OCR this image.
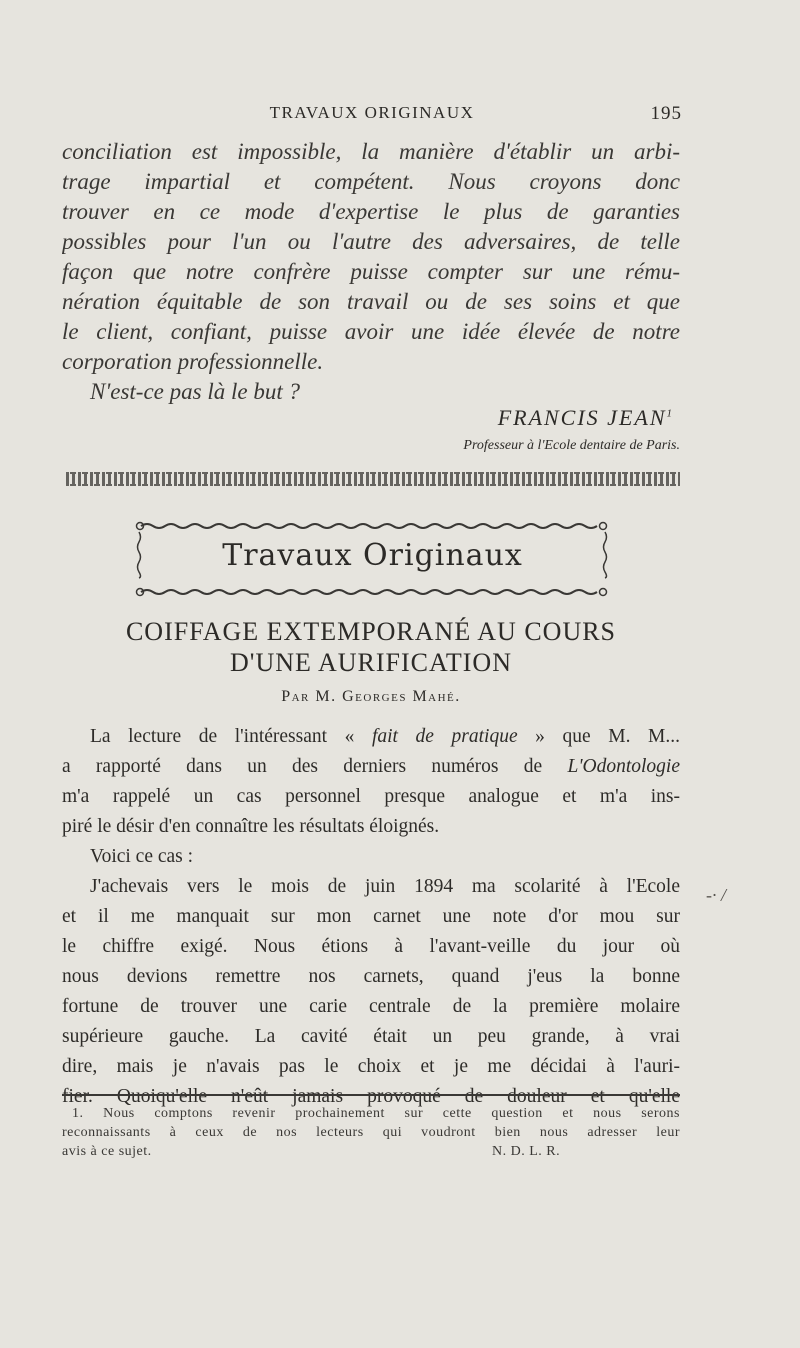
TRAVAUX ORIGINAUX	195
conciliation est impossible, la manière d'établir un arbi-
trage impartial et compétent. Nous croyons donc
trouver en ce mode d'expertise le plus de garanties
possibles pour l'un ou l'autre des adversaires, de telle
façon que notre confrère puisse compter sur une rému-
nération équitable de son travail ou de ses soins et que
le client, confiant, puisse avoir une idée élevée de notre
corporation professionnelle.
N'est-ce pas là le but ?
FRANCIS JEAN$^1$
Professeur à l'Ecole dentaire de Paris.
Travaux Originaux
COIFFAGE EXTEMPORANÉ AU COURS
D'UNE AURIFICATION
Par M. Georges Mahé.
La lecture de l'intéressant « fait de pratique » que M. M...
a rapporté dans un des derniers numéros de L'Odontologie
m'a rappelé un cas personnel presque analogue et m'a ins-
piré le désir d'en connaître les résultats éloignés.
Voici ce cas :
J'achevais vers le mois de juin 1894 ma scolarité à l'Ecole
et il me manquait sur mon carnet une note d'or mou sur
le chiffre exigé. Nous étions à l'avant-veille du jour où
nous devions remettre nos carnets, quand j'eus la bonne
fortune de trouver une carie centrale de la première molaire
supérieure gauche. La cavité était un peu grande, à vrai
dire, mais je n'avais pas le choix et je me décidai à l'auri-
fier. Quoiqu'elle n'eût jamais provoqué de douleur et qu'elle
-· /
1. Nous comptons revenir prochainement sur cette question et nous serons
reconnaissants à ceux de nos lecteurs qui voudront bien nous adresser leur
avis à ce sujet.	N. D. L. R.
